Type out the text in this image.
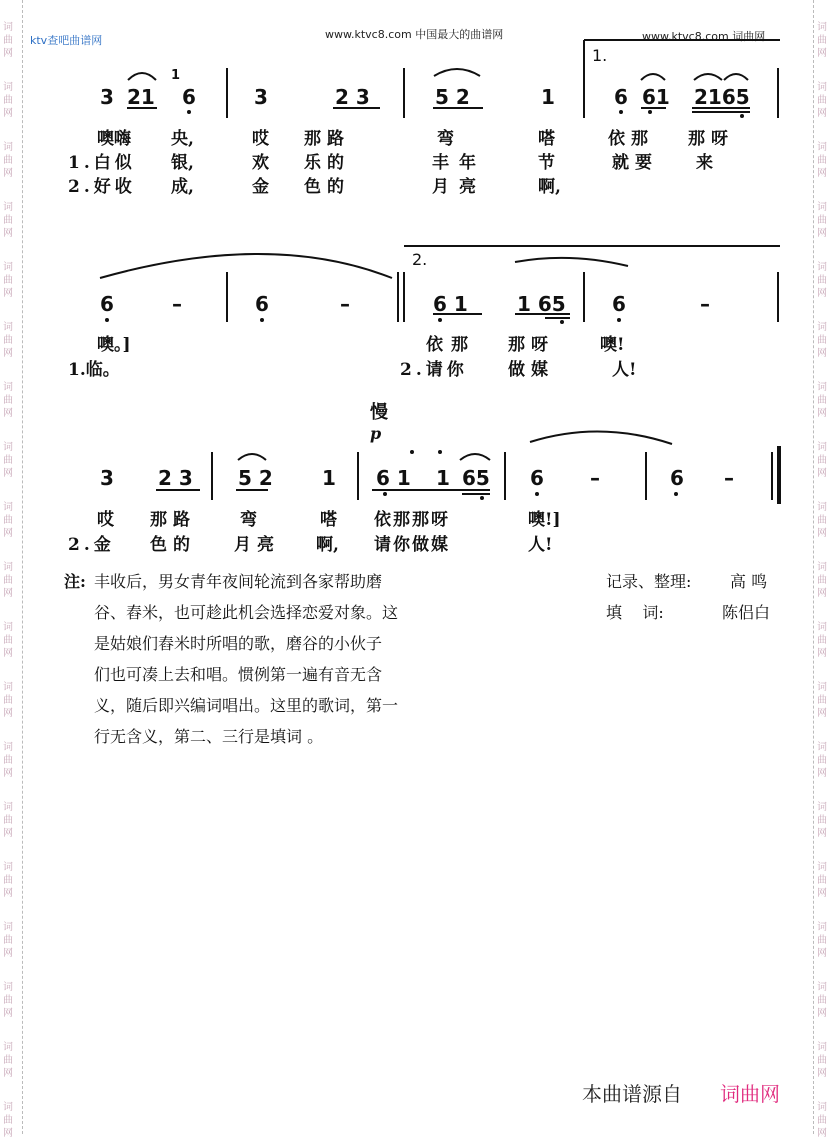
词
曲
网
词
曲
网
词
曲
网
词
曲
网
词
曲
网
词
曲
网
词
曲
网
词
曲
网
词
曲
网
词
曲
网
词
曲
网
词
曲
网
词
曲
网
词
曲
网
词
曲
网
词
曲
网
词
曲
网
词
曲
网
词
曲
网
词
曲
网
词
曲
网
词
曲
网
词
曲
网
词
曲
网
词
曲
网
词
曲
网
词
曲
网
词
曲
网
词
曲
网
词
曲
网
词
曲
网
词
曲
网
词
曲
网
词
曲
网
词
曲
网
词
曲
网
词
曲
网
词
曲
网
ktv查吧曲谱网	www.ktvc8.com 中国最大的曲谱网	www.ktvc8.com 词曲网
1.
3 21
1
6	3	2 3	5 2	1	6 61 2165
噢嗨 央,	哎 那路	弯	嗒	依那 那呀
1.白似 银,	欢 乐的	丰年	节	就要 来
2.好收 成,	金 色的	月亮	啊,
2.
6	–	6	–	6 1 1 65 6	–
噢。]	依那 那呀	噢!
1.临。	2.请你 做媒	人!
慢
p
3 2 3 5 2 1 6 1 1 65 6 –	6 –
哎 那路	弯	嗒 依那那呀	噢!]
2.金 色的 月亮 啊, 请你做媒	人!
注: 丰收后，男女青年夜间轮流到各家帮助磨
谷、舂米，也可趁此机会选择恋爱对象。这
是姑娘们舂米时所唱的歌，磨谷的小伙子
们也可凑上去和唱。惯例第一遍有音无含
义，随后即兴编词唱出。这里的歌词，第一
行无含义，第二、三行是填词 。
记录、整理: 高 鸣
填    词:	陈侣白
本曲谱源自 词曲网
